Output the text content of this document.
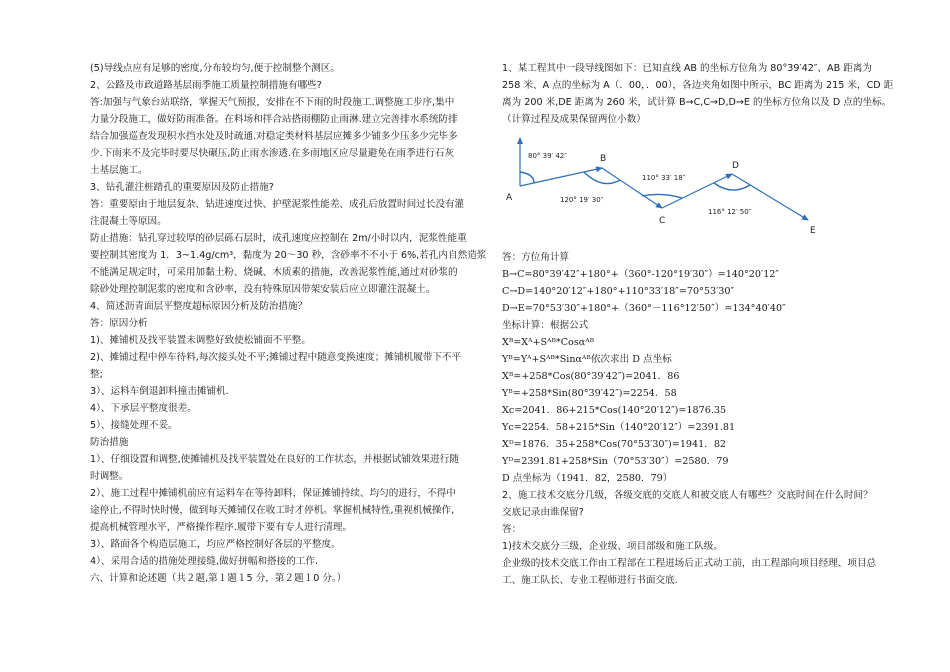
(5)导线点应有足够的密度,分布较均匀,便于控制整个测区。
2、公路及市政道路基层雨季施工质量控制措施有哪些?
答:加强与气象台站联络，掌握天气预报，安排在不下雨的时段施工.调整施工步序,集中
力量分段施工，做好防雨准备。在料场和拌合站搭雨棚防止雨淋.建立完善排水系统防排
结合加强巡查发现积水挡水处及时疏通.对稳定类材料基层应摊多少铺多少压多少完毕多
少.下雨来不及完毕时要尽快碾压,防止雨水渗透.在多雨地区应尽量避免在雨季进行石灰
土基层施工。
3、钻孔灌注桩踏孔的重要原因及防止措施?
答：重要原由于地层复杂、钻进速度过快、护壁泥浆性能差、成孔后放置时间过长没有灌
注混凝土等原因。
防止措施：钻孔穿过较厚的砂层砾石层时，成孔速度应控制在 2m/小时以内，泥浆性能重
要控制其密度为 1．3~1.4g/cm³，黏度为 20～30 秒，含砂率不不小于 6%,若孔内自然造浆
不能满足规定时，可采用加黏土粉、烧碱、木质素的措施，改善泥浆性能,通过对砂浆的
除砂处理控制泥浆的密度和含砂率，没有特殊原因带架安装后应立即灌注混凝土。
4、简述沥青面层平整度超标原因分析及防治措施？
答：原因分析
1)、摊铺机及找平装置未调整好致使松铺面不平整。
2)、摊铺过程中停车待料,每次接头处不平;摊铺过程中随意变换速度；摊铺机履带下不平
整;
3）、运料车倒退卸料撞击摊铺机.
4）、下承层平整度很差。
5）、接缝处理不妥。
防治措施
1）、仔细设置和调整,使摊铺机及找平装置处在良好的工作状态，并根据试铺效果进行随
时调整。
2）、施工过程中摊铺机前应有运料车在等待卸料，保证摊铺持续、均匀的进行，不得中
途停止,不得时快时慢，做到每天摊铺仅在收工时才停机。掌握机械特性,重视机械操作,
提高机械管理水平，严格操作程序.履带下要有专人进行清理。
3）、路面各个构造层施工，均应严格控制好各层的平整度。
4）、采用合适的措施处理接缝,做好拼幅和搭接的工作.
六、计算和论述题（共２题,第１题１5 分，第２题１0 分。）
1、某工程其中一段导线图如下：已知直线 AB 的坐标方位角为 80°39′42″、AB 距离为
258 米、A 点的坐标为 A（．00，．00），各边夹角如图中所示，BC 距离为 215 米，CD 距
离为 200 米,DE 距离为 260 米，试计算 B→C,C→D,D→E 的坐标方位角以及 D 点的坐标。
（计算过程及成果保留两位小数）
A
B
C
D
E
80° 39′ 42″
120° 19′ 30″
110° 33′ 18″
116° 12′ 50″
答：方位角计算
B→C=80°39′42″+180°+（360°-120°19′30″）=140°20′12″
C→D=140°20′12″+180°+110°33′18″=70°53′30″
D→E=70°53′30″+180°+（360°－116°12′50″）=134°40′40″
坐标计算：根据公式
Xᴮ=Xᴬ+Sᴬᴮ*Cosαᴬᴮ
Yᴮ=Yᴬ+Sᴬᴮ*Sinαᴬᴮ依次求出 D 点坐标
Xᴮ=+258*Cos(80°39′42″)=2041．86
Yᴮ=+258*Sin(80°39′42″)=2254．58
Xc=2041．86+215*Cos(140°20′12″)=1876.35
Yc=2254．58+215*Sin（140°20′12″）=2391.81
Xᴰ=1876．35+258*Cos(70°53′30″)=1941．82
Yᴰ=2391.81+258*Sin（70°53′30″）=2580．79
D 点坐标为（1941．82，2580．79）
2、施工技术交底分几级，各级交底的交底人和被交底人有哪些？交底时间在什么时间？
交底记录由谁保留?
答：
1)技术交底分三级，企业级、项目部级和施工队级。
企业级的技术交底工作由工程部在工程进场后正式动工前，由工程部向项目经理、项目总
工、施工队长、专业工程师进行书面交底.
